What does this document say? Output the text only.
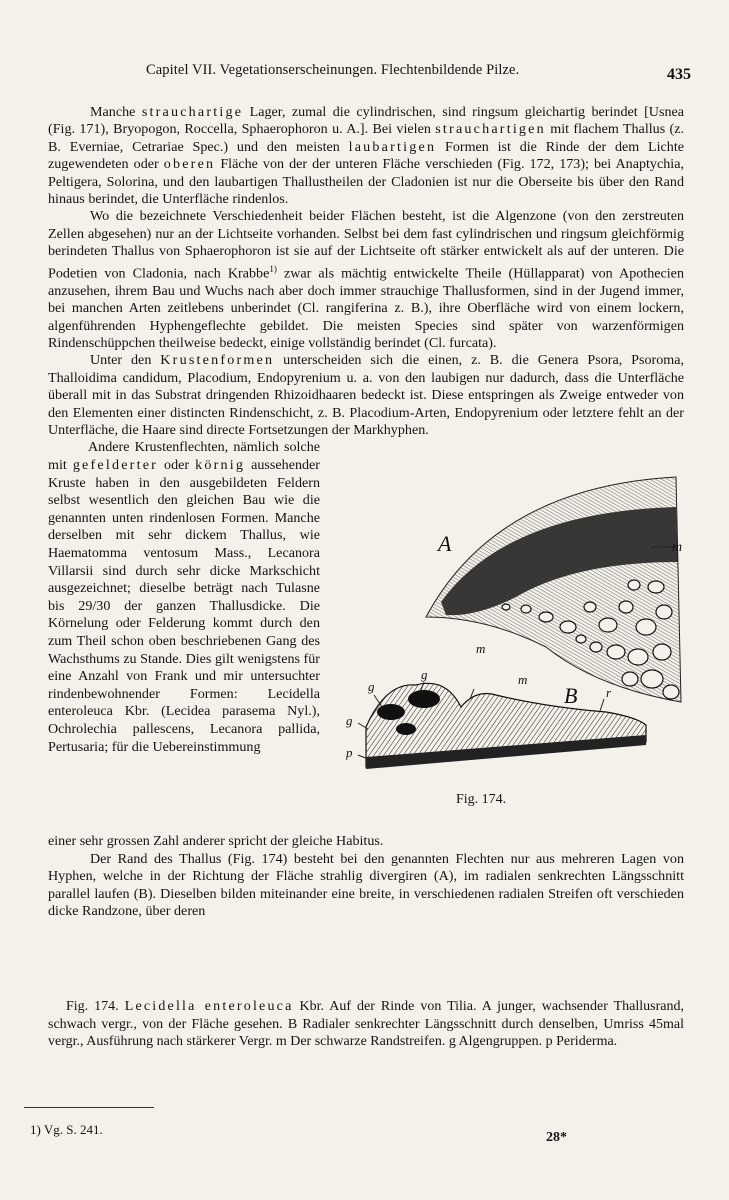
Capitel VII. Vegetationserscheinungen. Flechtenbildende Pilze.	435

Manche strauchartige Lager, zumal die cylindrischen, sind ringsum gleichartig berindet [Usnea (Fig. 171), Bryopogon, Roccella, Sphaerophoron u. A.]. Bei vielen strauchartigen mit flachem Thallus (z. B. Everniae, Cetrariae Spec.) und den meisten laubartigen Formen ist die Rinde der dem Lichte zugewendeten oder oberen Fläche von der der unteren Fläche verschieden (Fig. 172, 173); bei Anaptychia, Peltigera, Solorina, und den laubartigen Thallustheilen der Cladonien ist nur die Oberseite bis über den Rand hinaus berindet, die Unterfläche rindenlos.

Wo die bezeichnete Verschiedenheit beider Flächen besteht, ist die Algenzone (von den zerstreuten Zellen abgesehen) nur an der Lichtseite vorhanden. Selbst bei dem fast cylindrischen und ringsum gleichförmig berindeten Thallus von Sphaerophoron ist sie auf der Lichtseite oft stärker entwickelt als auf der unteren. Die Podetien von Cladonia, nach Krabbe$^{1)}$ zwar als mächtig entwickelte Theile (Hüllapparat) von Apothecien anzusehen, ihrem Bau und Wuchs nach aber doch immer strauchige Thallusformen, sind in der Jugend immer, bei manchen Arten zeitlebens unberindet (Cl. rangiferina z. B.), ihre Oberfläche wird von einem lockern, algenführenden Hyphengeflechte gebildet. Die meisten Species sind später von warzenförmigen Rindenschüppchen theilweise bedeckt, einige vollständig berindet (Cl. furcata).

Unter den Krustenformen unterscheiden sich die einen, z. B. die Genera Psora, Psoroma, Thalloidima candidum, Placodium, Endopyrenium u. a. von den laubigen nur dadurch, dass die Unterfläche überall mit in das Substrat dringenden Rhizoidhaaren bedeckt ist. Diese entspringen als Zweige entweder von den Elementen einer distincten Rindenschicht, z. B. Placodium-Arten, Endopyrenium oder letztere fehlt an der Unterfläche, die Haare sind directe Fortsetzungen der Markhyphen.

Andere Krustenflechten, nämlich solche mit gefelderter oder körnig aussehender Kruste haben in den ausgebildeten Feldern selbst wesentlich den gleichen Bau wie die genannten unten rindenlosen Formen. Manche derselben mit sehr dickem Thallus, wie Haematomma ventosum Mass., Lecanora Villarsii sind durch sehr dicke Markschicht ausgezeichnet; dieselbe beträgt nach Tulasne bis 29/30 der ganzen Thallusdicke. Die Körnelung oder Felderung kommt durch den zum Theil schon oben beschriebenen Gang des Wachsthums zu Stande. Dies gilt wenigstens für eine Anzahl von Frank und mir untersuchter rindenbewohnender Formen: Lecidella enteroleuca Kbr. (Lecidea parasema Nyl.), Ochrolechia pallescens, Lecanora pallida, Pertusaria; für die Uebereinstimmung

A	m
m
g
g	m
B r
g
p
Fig. 174.

einer sehr grossen Zahl anderer spricht der gleiche Habitus.

Der Rand des Thallus (Fig. 174) besteht bei den genannten Flechten nur aus mehreren Lagen von Hyphen, welche in der Richtung der Fläche strahlig divergiren (A), im radialen senkrechten Längsschnitt parallel laufen (B). Dieselben bilden miteinander eine breite, in verschiedenen radialen Streifen oft verschieden dicke Randzone, über deren

Fig. 174. Lecidella enteroleuca Kbr. Auf der Rinde von Tilia. A junger, wachsender Thallusrand, schwach vergr., von der Fläche gesehen. B Radialer senkrechter Längsschnitt durch denselben, Umriss 45mal vergr., Ausführung nach stärkerer Vergr. m Der schwarze Randstreifen. g Algengruppen. p Periderma.

1) Vg. S. 241.
28*
